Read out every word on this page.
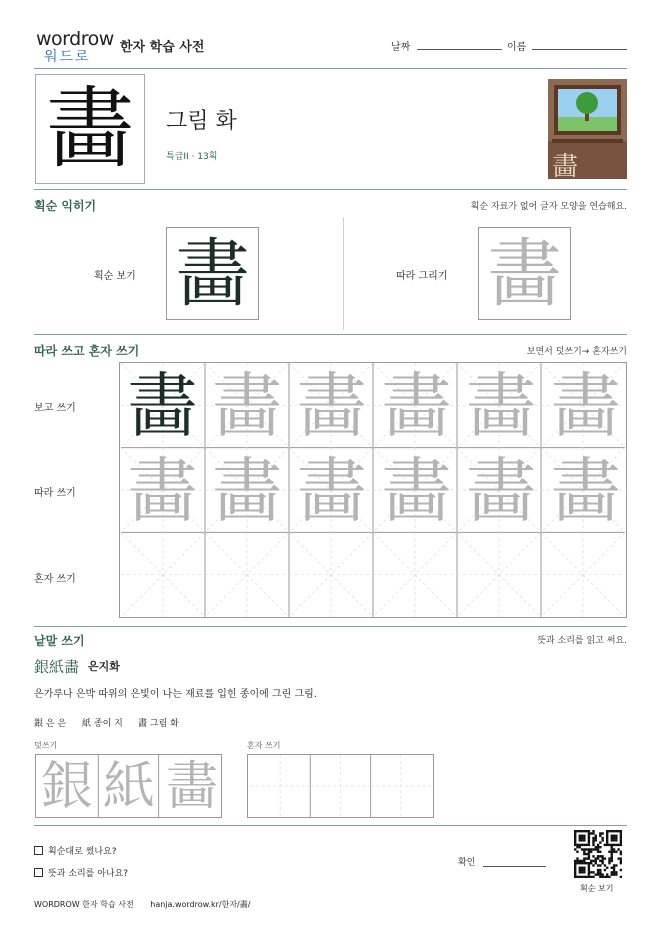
wordrow
워드로
한자 학습 사전	날짜	이름
畵 그림 화
특급II · 13획	畵
획순 익히기	획순 자료가 없어 글자 모양을 연습해요.
획순 보기 畵	따라 그리기 畵
따라 쓰고 혼자 쓰기	보면서 덧쓰기→ 혼자쓰기
보고 쓰기
따라 쓰기
혼자 쓰기
畵 畵 畵 畵 畵 畵
畵 畵 畵 畵 畵 畵
낱말 쓰기	뜻과 소리를 읽고 써요.
銀紙畵 은지화
은가루나 은박 따위의 은빛이 나는 재료를 입힌 종이에 그린 그림.
銀 은 은 紙 종이 지 畵 그림 화
덧쓰기	혼자 쓰기
銀 紙 畵
획순대로 썼나요?
뜻과 소리를 아나요?
확인
획순 보기
WORDROW 한자 학습 사전 hanja.wordrow.kr/한자/畵/
